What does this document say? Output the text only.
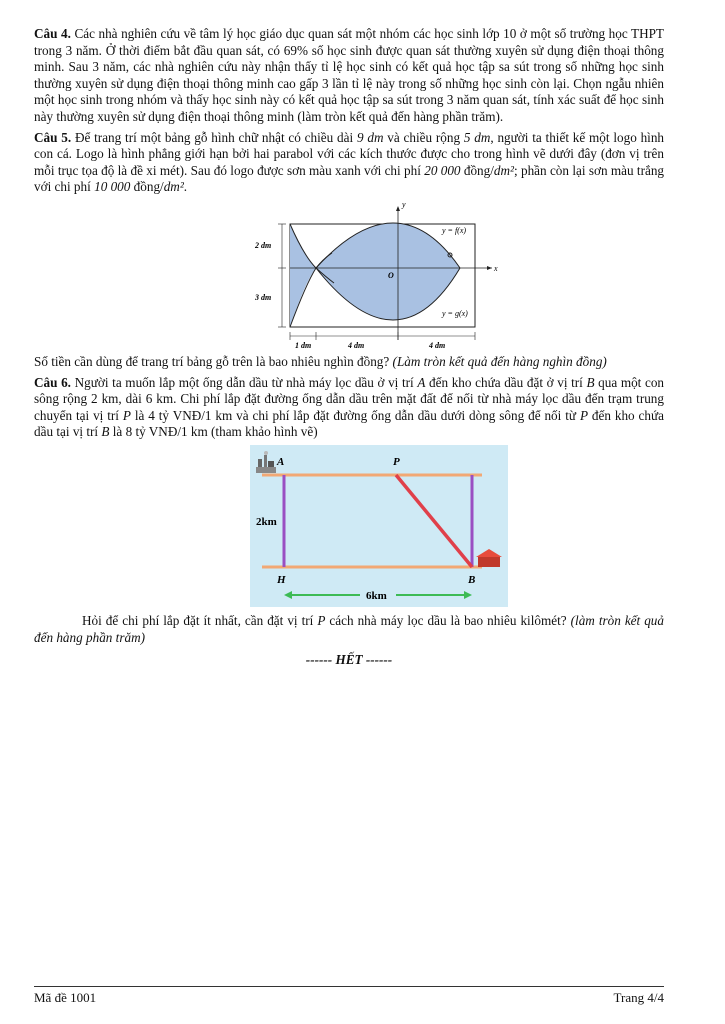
Câu 4. Các nhà nghiên cứu về tâm lý học giáo dục quan sát một nhóm các học sinh lớp 10 ở một số trường học THPT trong 3 năm. Ở thời điểm bắt đầu quan sát, có 69% số học sinh được quan sát thường xuyên sử dụng điện thoại thông minh. Sau 3 năm, các nhà nghiên cứu này nhận thấy tỉ lệ học sinh có kết quả học tập sa sút trong số những học sinh thường xuyên sử dụng điện thoại thông minh cao gấp 3 lần tỉ lệ này trong số những học sinh còn lại. Chọn ngẫu nhiên một học sinh trong nhóm và thấy học sinh này có kết quả học tập sa sút trong 3 năm quan sát, tính xác suất để học sinh này thường xuyên sử dụng điện thoại thông minh (làm tròn kết quả đến hàng phần trăm).

Câu 5. Để trang trí một bảng gỗ hình chữ nhật có chiều dài 9 dm và chiều rộng 5 dm, người ta thiết kế một logo hình con cá. Logo là hình phẳng giới hạn bởi hai parabol với các kích thước được cho trong hình vẽ dưới đây (đơn vị trên mỗi trục tọa độ là đề xi mét). Sau đó logo được sơn màu xanh với chi phí 20 000 đồng/dm²; phần còn lại sơn màu trắng với chi phí 10 000 đồng/dm².

y
x
O
y = f(x)
y = g(x)
2 dm
3 dm
1 dm	4 dm	4 dm

Số tiền cần dùng để trang trí bảng gỗ trên là bao nhiêu nghìn đồng? (Làm tròn kết quả đến hàng nghìn đồng)

Câu 6. Người ta muốn lắp một ống dẫn dầu từ nhà máy lọc dầu ở vị trí A đến kho chứa dầu đặt ở vị trí B qua một con sông rộng 2 km, dài 6 km. Chi phí lắp đặt đường ống dẫn dầu trên mặt đất để nối từ nhà máy lọc dầu đến trạm trung chuyển tại vị trí P là 4 tỷ VNĐ/1 km và chi phí lắp đặt đường ống dẫn dầu dưới dòng sông để nối từ P đến kho chứa dầu tại vị trí B là 8 tỷ VNĐ/1 km (tham khảo hình vẽ)

A	P
H	B
2km
6km

Hỏi để chi phí lắp đặt ít nhất, cần đặt vị trí P cách nhà máy lọc dầu là bao nhiêu kilômét? (làm tròn kết quả đến hàng phần trăm)

------ HẾT ------

Mã đề 1001	Trang 4/4
